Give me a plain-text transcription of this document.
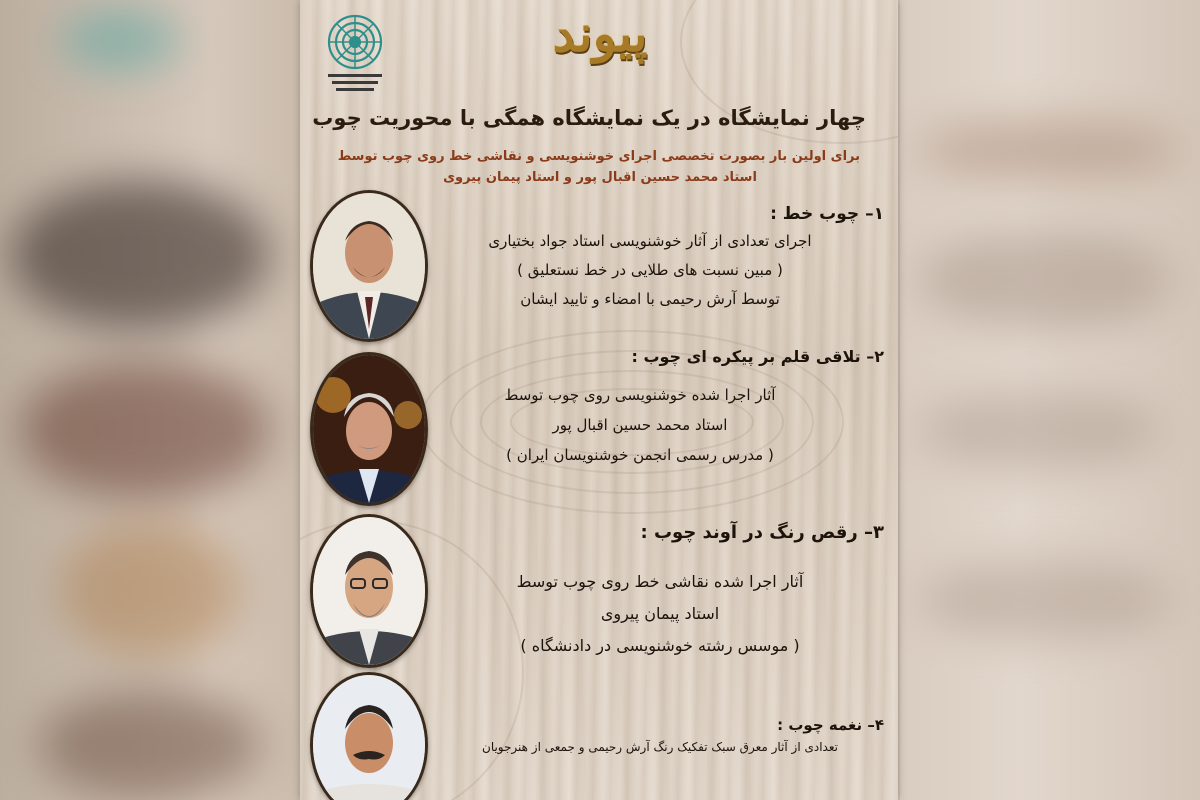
پیوند
چهار نمایشگاه در یک نمایشگاه همگی با محوریت چوب
برای اولین بار بصورت تخصصی اجرای خوشنویسی و نقاشی خط روی چوب توسط
استاد محمد حسین اقبال پور و استاد پیمان پیروی
۱– چوب خط :
اجرای تعدادی از آثار خوشنویسی استاد جواد بختیاری
( مبین نسبت های طلایی در خط نستعلیق )
توسط آرش رحیمی با امضاء و تایید ایشان
۲– تلاقی قلم بر پیکره ای چوب :
آثار اجرا شده خوشنویسی روی چوب توسط
استاد محمد حسین اقبال پور
( مدرس رسمی انجمن خوشنویسان ایران )
۳– رقص رنگ در آوند چوب :
آثار اجرا شده نقاشی خط روی چوب توسط
استاد پیمان پیروی
( موسس رشته خوشنویسی در دادنشگاه )
۴– نغمه چوب :
تعدادی از آثار معرق سبک تفکیک رنگ آرش رحیمی و جمعی از هنرجویان
